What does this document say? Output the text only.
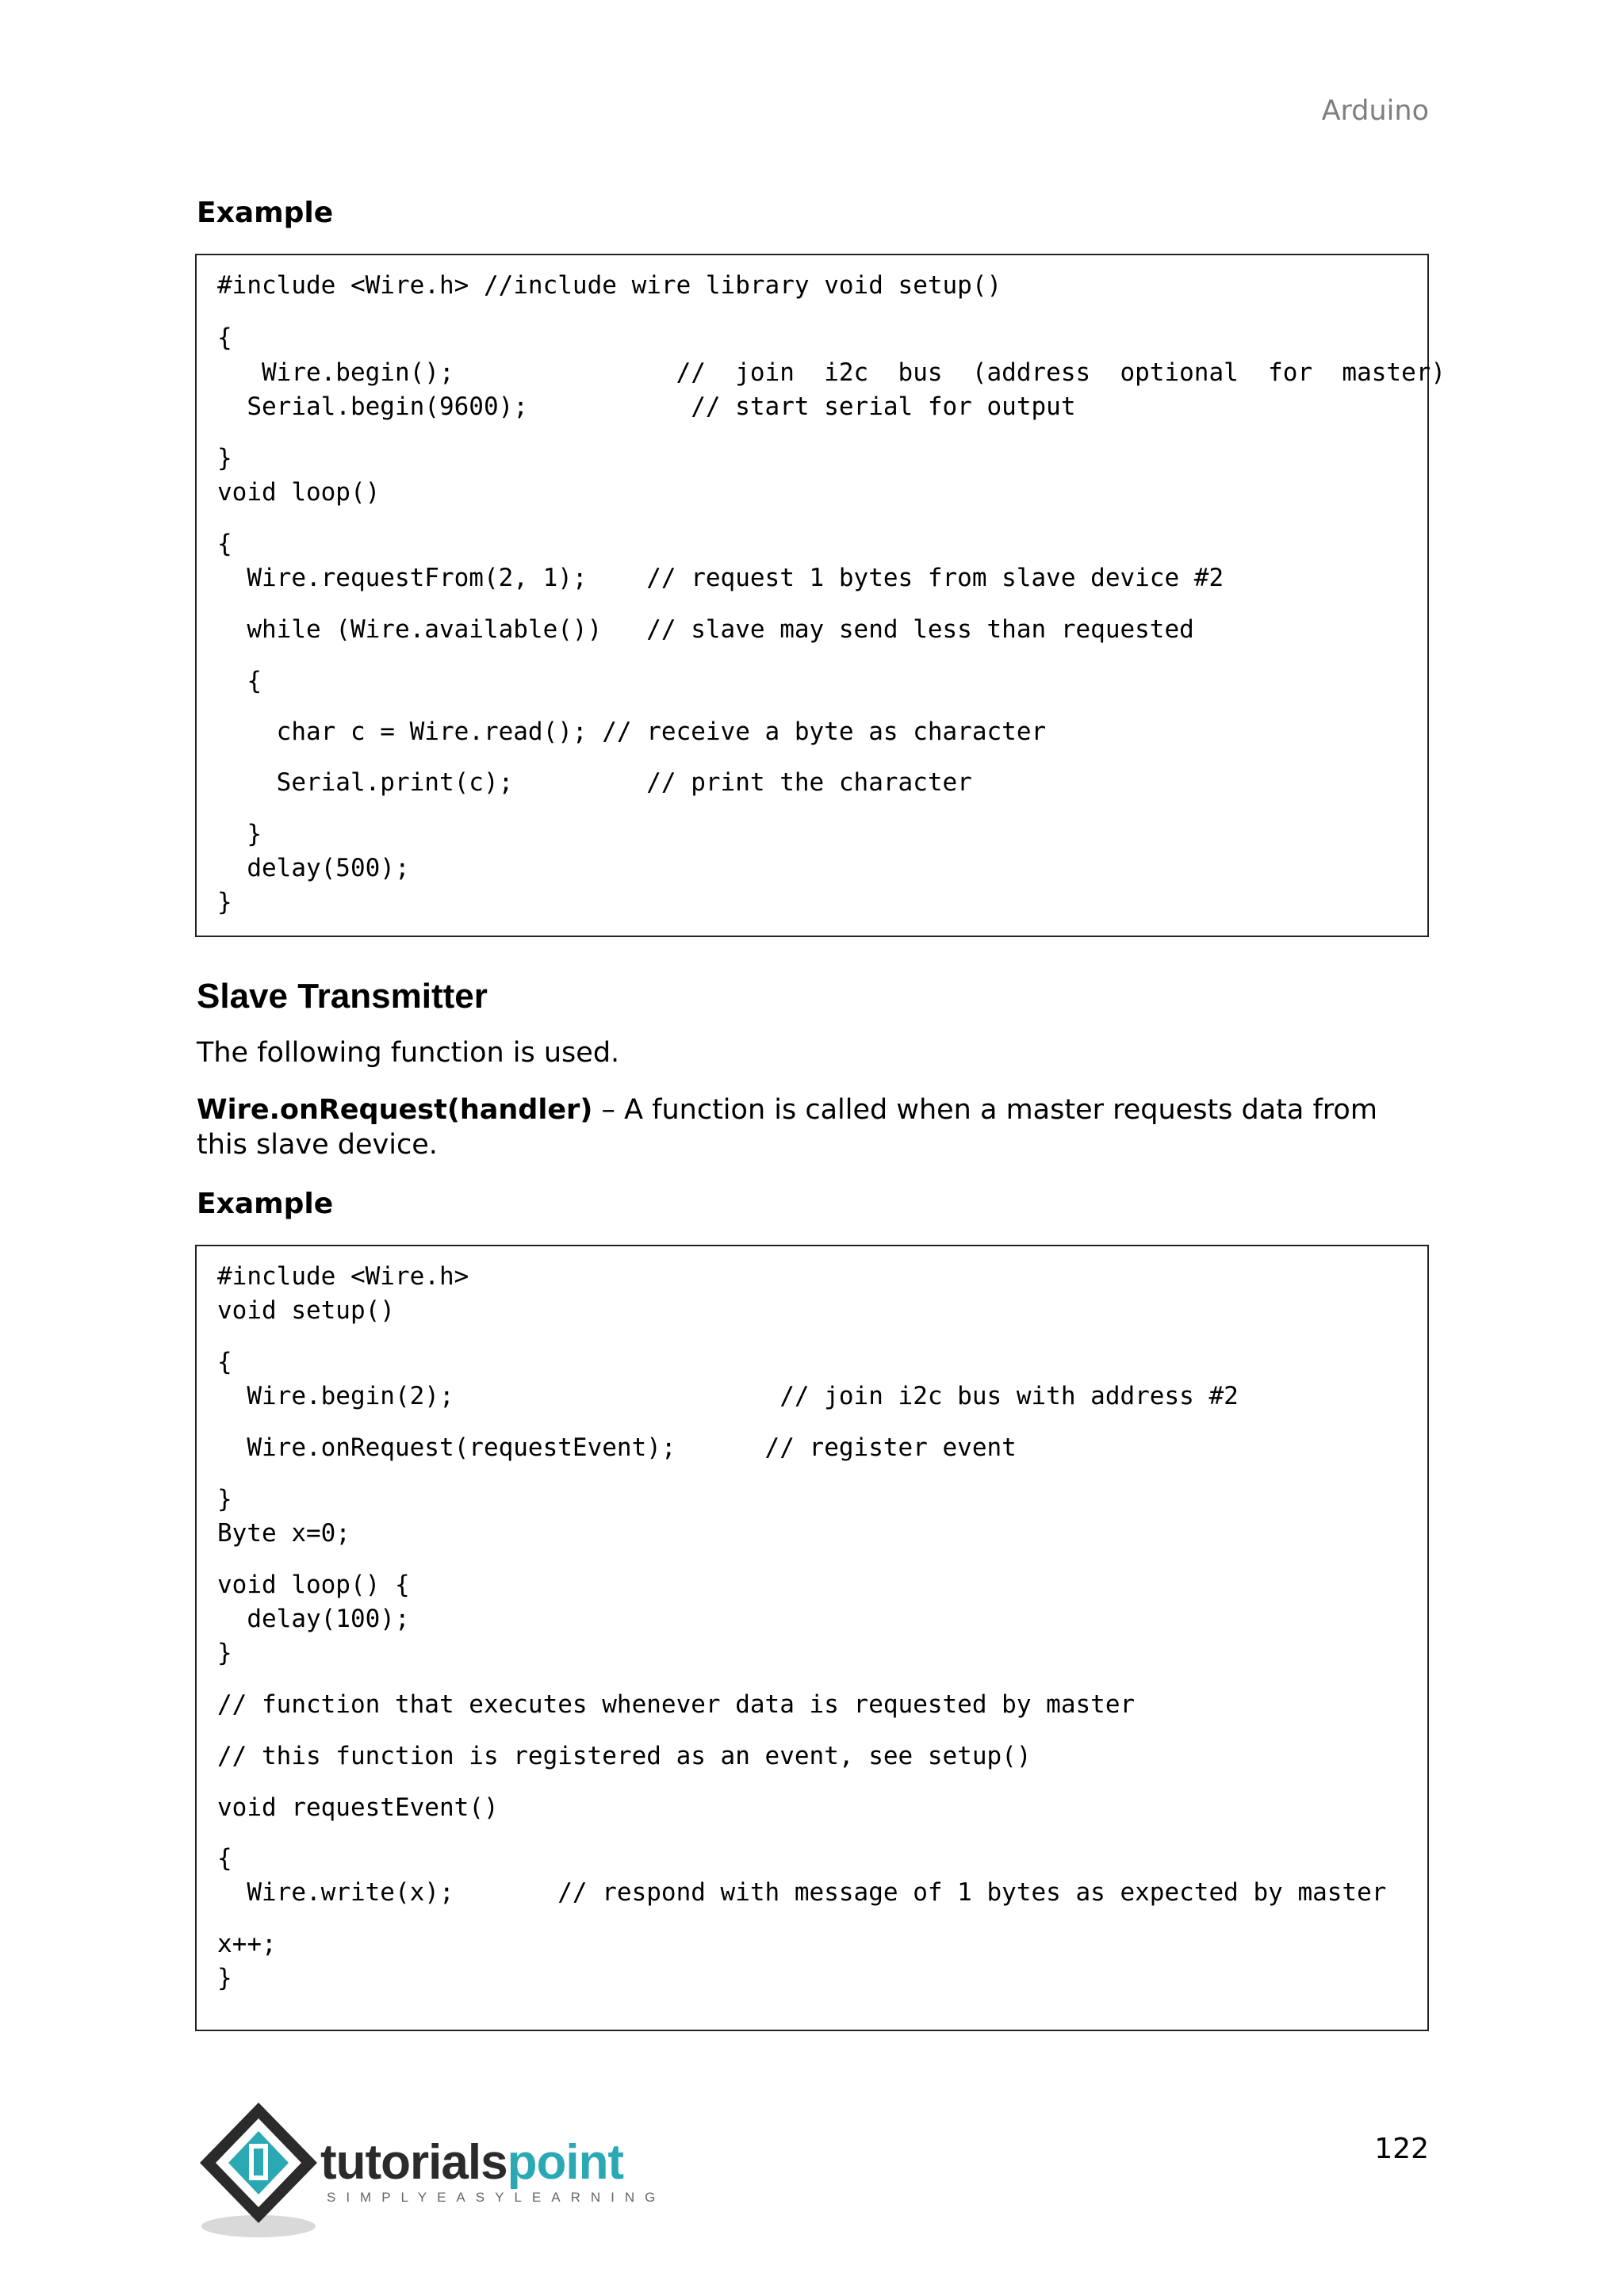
Arduino
Example
#include <Wire.h> //include wire library void setup()
{
Wire.begin();               //  join  i2c  bus  (address  optional  for  master)
Serial.begin(9600);           // start serial for output
}
void loop()
{
Wire.requestFrom(2, 1);    // request 1 bytes from slave device #2
while (Wire.available())   // slave may send less than requested
{
char c = Wire.read(); // receive a byte as character
Serial.print(c);         // print the character
}
delay(500);
}
Slave Transmitter
The following function is used.
Wire.onRequest(handler) – A function is called when a master requests data from this slave device.
Example
#include <Wire.h>
void setup()
{
Wire.begin(2);                      // join i2c bus with address #2
Wire.onRequest(requestEvent);      // register event
}
Byte x=0;
void loop() {
delay(100);
}
// function that executes whenever data is requested by master
// this function is registered as an event, see setup()
void requestEvent()
{
Wire.write(x);       // respond with message of 1 bytes as expected by master
x++;
}
tutorialspoint
SIMPLYEASYLEARNING
122
